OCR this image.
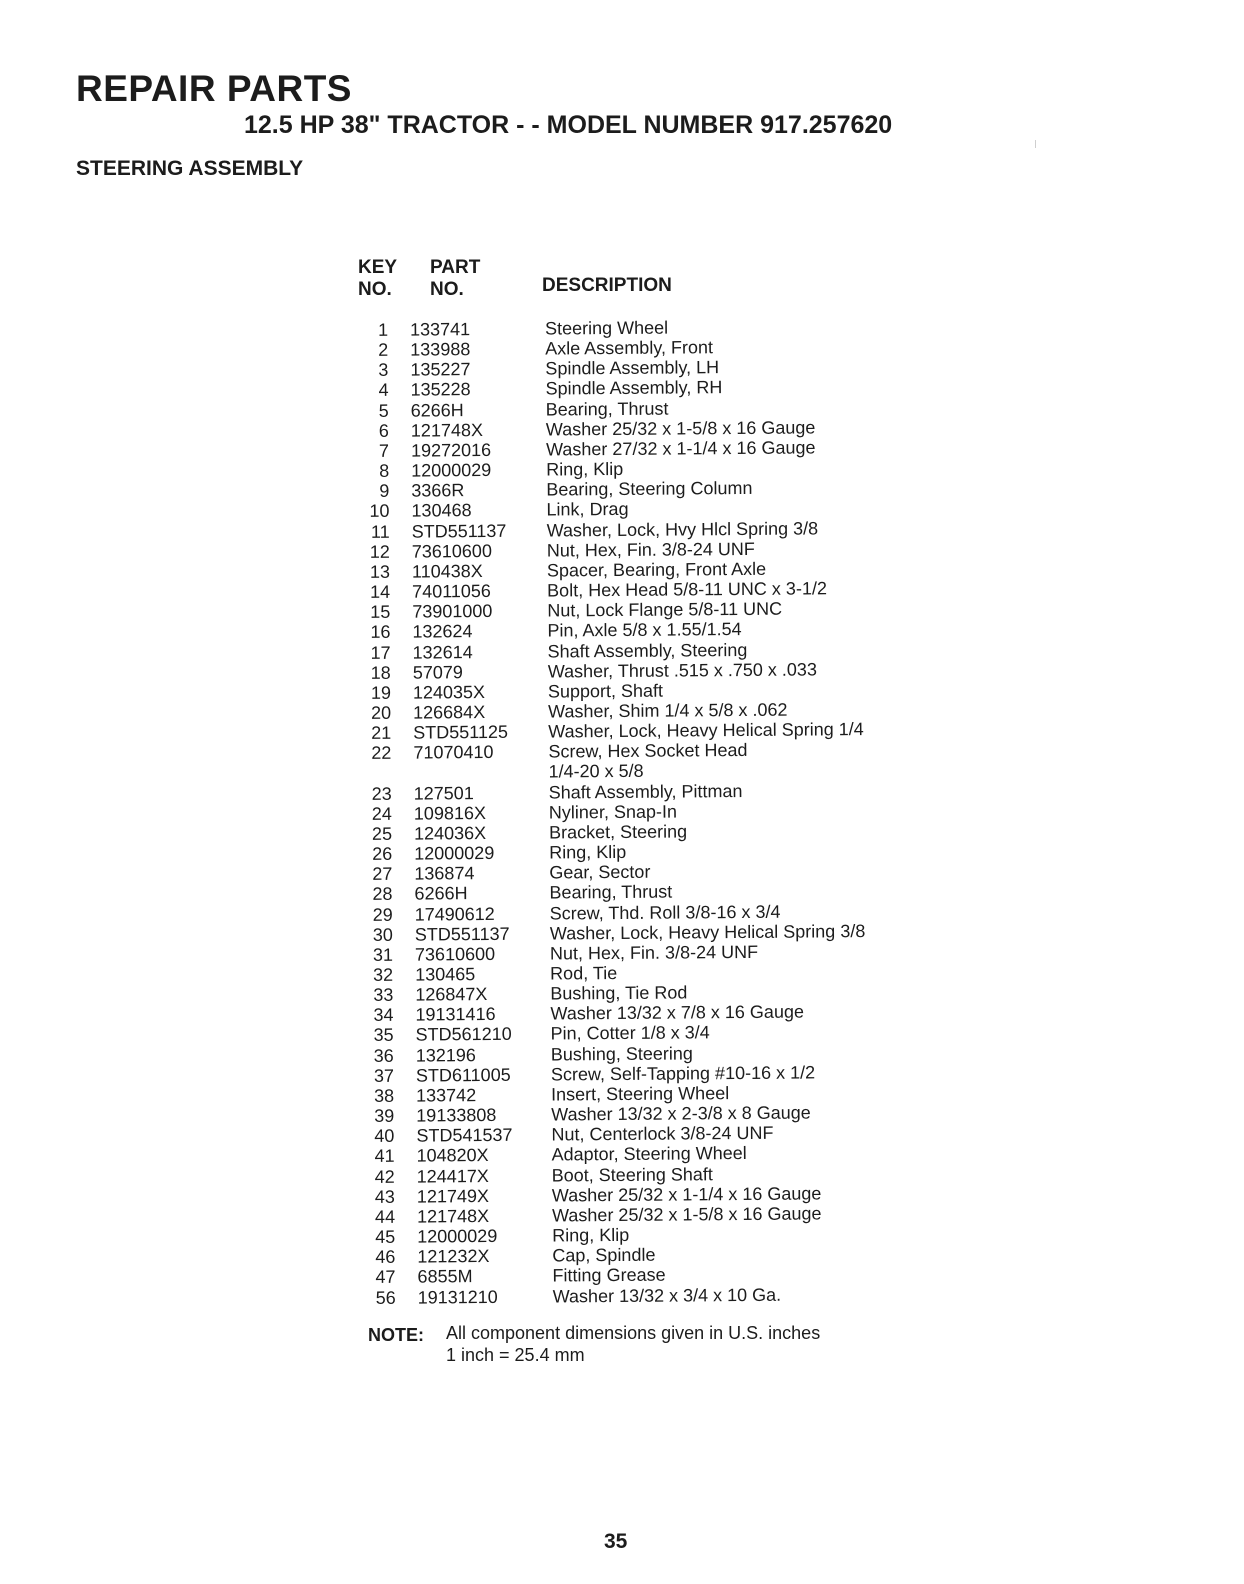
REPAIR PARTS
12.5 HP 38" TRACTOR - - MODEL NUMBER 917.257620
STEERING ASSEMBLY
KEY
NO.
PART
NO.	DESCRIPTION
1	133741	Steering Wheel
2	133988	Axle Assembly, Front
3	135227	Spindle Assembly, LH
4	135228	Spindle Assembly, RH
5	6266H	Bearing, Thrust
6	121748X	Washer 25/32 x 1-5/8 x 16 Gauge
7	19272016	Washer 27/32 x 1-1/4 x 16 Gauge
8	12000029	Ring, Klip
9	3366R	Bearing, Steering Column
10	130468	Link, Drag
11	STD551137	Washer, Lock, Hvy Hlcl Spring 3/8
12	73610600	Nut, Hex, Fin. 3/8-24 UNF
13	110438X	Spacer, Bearing, Front Axle
14	74011056	Bolt, Hex Head 5/8-11 UNC x 3-1/2
15	73901000	Nut, Lock Flange 5/8-11 UNC
16	132624	Pin, Axle 5/8 x 1.55/1.54
17	132614	Shaft Assembly, Steering
18	57079	Washer, Thrust .515 x .750 x .033
19	124035X	Support, Shaft
20	126684X	Washer, Shim 1/4 x 5/8 x .062
21	STD551125	Washer, Lock, Heavy Helical Spring 1/4
22	71070410	Screw, Hex Socket Head
		1/4-20 x 5/8
23	127501	Shaft Assembly, Pittman
24	109816X	Nyliner, Snap-In
25	124036X	Bracket, Steering
26	12000029	Ring, Klip
27	136874	Gear, Sector
28	6266H	Bearing, Thrust
29	17490612	Screw, Thd. Roll 3/8-16 x 3/4
30	STD551137	Washer, Lock, Heavy Helical Spring 3/8
31	73610600	Nut, Hex, Fin. 3/8-24 UNF
32	130465	Rod, Tie
33	126847X	Bushing, Tie Rod
34	19131416	Washer 13/32 x 7/8 x 16 Gauge
35	STD561210	Pin, Cotter 1/8 x 3/4
36	132196	Bushing, Steering
37	STD611005	Screw, Self-Tapping #10-16 x 1/2
38	133742	Insert, Steering Wheel
39	19133808	Washer 13/32 x 2-3/8 x 8 Gauge
40	STD541537	Nut, Centerlock 3/8-24 UNF
41	104820X	Adaptor, Steering Wheel
42	124417X	Boot, Steering Shaft
43	121749X	Washer 25/32 x 1-1/4 x 16 Gauge
44	121748X	Washer 25/32 x 1-5/8 x 16 Gauge
45	12000029	Ring, Klip
46	121232X	Cap, Spindle
47	6855M	Fitting Grease
56	19131210	Washer 13/32 x 3/4 x 10 Ga.
NOTE: All component dimensions given in U.S. inches
1 inch = 25.4 mm
35
